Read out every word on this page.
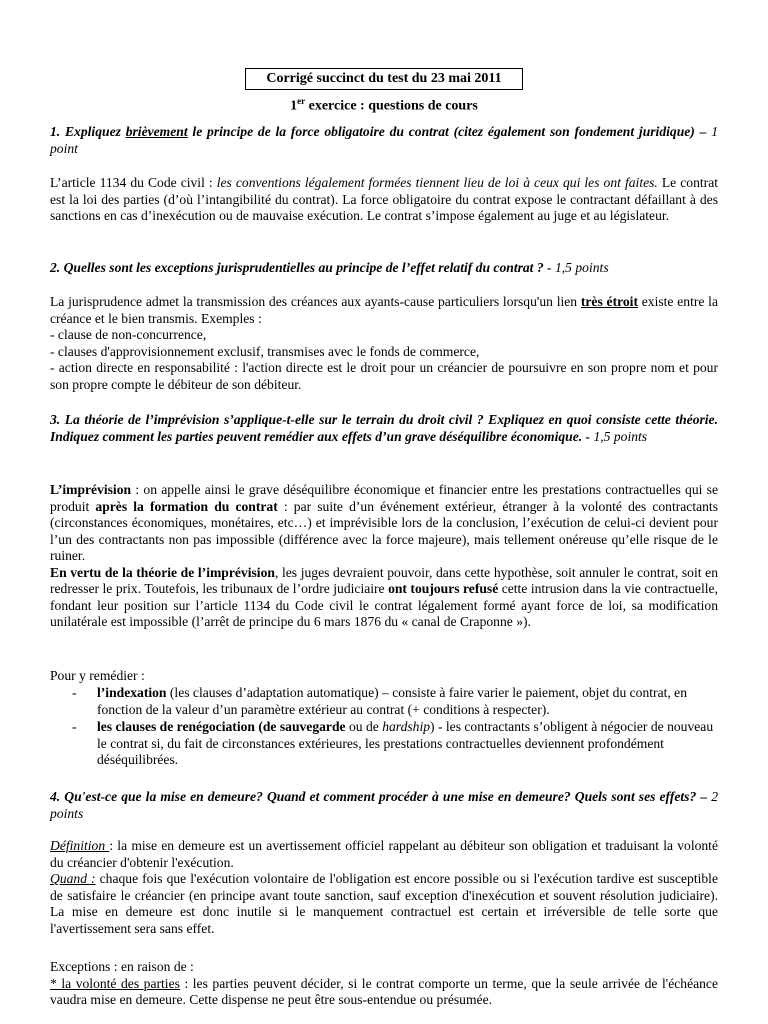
Corrigé succinct du test du 23 mai 2011
1er exercice : questions de cours
1. Expliquez brièvement le principe de la force obligatoire du contrat (citez également son fondement juridique) – 1 point
L’article 1134 du Code civil : les conventions légalement formées tiennent lieu de loi à ceux qui les ont faites. Le contrat est la loi des parties (d’où l’intangibilité du contrat). La force obligatoire du contrat expose le contractant défaillant à des sanctions en cas d’inexécution ou de mauvaise exécution. Le contrat s’impose également au juge et au législateur.
2. Quelles sont les exceptions jurisprudentielles au principe de l’effet relatif du contrat ? - 1,5 points
La jurisprudence admet la transmission des créances aux ayants-cause particuliers lorsqu'un lien très étroit existe entre la créance et le bien transmis. Exemples :
- clause de non-concurrence,
- clauses d'approvisionnement exclusif, transmises avec le fonds de commerce,
- action directe en responsabilité : l'action directe est le droit pour un créancier de poursuivre en son propre nom et pour son propre compte le débiteur de son débiteur.
3. La théorie de l’imprévision s’applique-t-elle sur le terrain du droit civil ? Expliquez en quoi consiste cette théorie. Indiquez comment les parties peuvent remédier aux effets d’un grave déséquilibre économique. - 1,5 points
L’imprévision : on appelle ainsi le grave déséquilibre économique et financier entre les prestations contractuelles qui se produit après la formation du contrat : par suite d’un événement extérieur, étranger à la volonté des contractants (circonstances économiques, monétaires, etc…) et imprévisible lors de la conclusion, l’exécution de celui-ci devient pour l’un des contractants non pas impossible (différence avec la force majeure), mais tellement onéreuse qu’elle risque de le ruiner.
En vertu de la théorie de l’imprévision, les juges devraient pouvoir, dans cette hypothèse, soit annuler le contrat, soit en redresser le prix. Toutefois, les tribunaux de l’ordre judiciaire ont toujours refusé cette intrusion dans la vie contractuelle, fondant leur position sur l’article 1134 du Code civil le contrat légalement formé ayant force de loi, sa modification unilatérale est impossible (l’arrêt de principe du 6 mars 1876 du « canal de Craponne »).
Pour y remédier :
- l’indexation (les clauses d’adaptation automatique) – consiste à faire varier le paiement, objet du contrat, en fonction de la valeur d’un paramètre extérieur au contrat (+ conditions à respecter).
- les clauses de renégociation (de sauvegarde ou de hardship) - les contractants s’obligent à négocier de nouveau le contrat si, du fait de circonstances extérieures, les prestations contractuelles deviennent profondément déséquilibrées.
4. Qu'est-ce que la mise en demeure? Quand et comment procéder à une mise en demeure? Quels sont ses effets? – 2 points
Définition : la mise en demeure est un avertissement officiel rappelant au débiteur son obligation et traduisant la volonté du créancier d'obtenir l'exécution.
Quand : chaque fois que l'exécution volontaire de l'obligation est encore possible ou si l'exécution tardive est susceptible de satisfaire le créancier (en principe avant toute sanction, sauf exception d'inexécution et souvent résolution judiciaire). La mise en demeure est donc inutile si le manquement contractuel est certain et irréversible de telle sorte que l'avertissement sera sans effet.
Exceptions : en raison de :
* la volonté des parties : les parties peuvent décider, si le contrat comporte un terme, que la seule arrivée de l'échéance vaudra mise en demeure. Cette dispense ne peut être sous-entendue ou présumée.
